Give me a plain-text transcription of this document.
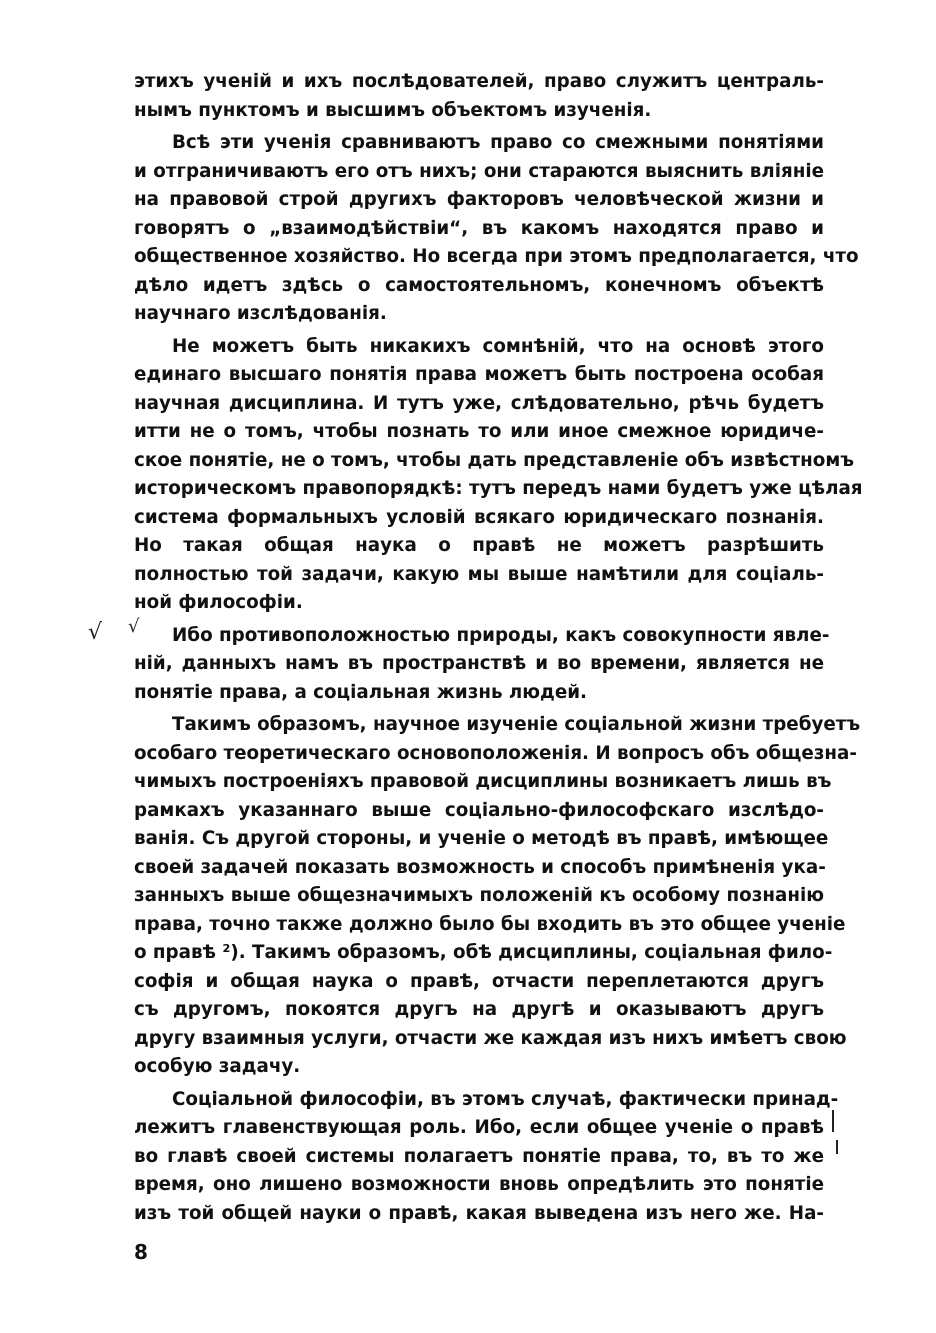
√ √
этихъ ученій и ихъ послѣдователей, право служитъ централь-
нымъ пунктомъ и высшимъ объектомъ изученія.
Всѣ эти ученія сравниваютъ право со смежными понятіями
и отграничиваютъ его отъ нихъ; они стараются выяснить вліяніе
на правовой строй другихъ факторовъ человѣческой жизни и
говорятъ о „взаимодѣйствіи“, въ какомъ находятся право и
общественное хозяйство. Но всегда при этомъ предполагается, что
дѣло идетъ здѣсь о самостоятельномъ, конечномъ объектѣ
научнаго изслѣдованія.
Не можетъ быть никакихъ сомнѣній, что на основѣ этого
единаго высшаго понятія права можетъ быть построена особая
научная дисциплина. И тутъ уже, слѣдовательно, рѣчь будетъ
итти не о томъ, чтобы познать то или иное смежное юридиче-
ское понятіе, не о томъ, чтобы дать представленіе объ извѣстномъ
историческомъ правопорядкѣ: тутъ передъ нами будетъ уже цѣлая
система формальныхъ условій всякаго юридическаго познанія.
Но такая общая наука о правѣ не можетъ разрѣшить
полностью той задачи, какую мы выше намѣтили для соціаль-
ной философіи.
Ибо противоположностью природы, какъ совокупности явле-
ній, данныхъ намъ въ пространствѣ и во времени, является не
понятіе права, а соціальная жизнь людей.
Такимъ образомъ, научное изученіе соціальной жизни требуетъ
особаго теоретическаго основоположенія. И вопросъ объ общезна-
чимыхъ построеніяхъ правовой дисциплины возникаетъ лишь въ
рамкахъ указаннаго выше соціально-философскаго изслѣдо-
ванія. Съ другой стороны, и ученіе о методѣ въ правѣ, имѣющее
своей задачей показать возможность и способъ примѣненія ука-
занныхъ выше общезначимыхъ положеній къ особому познанію
права, точно также должно было бы входить въ это общее ученіе
о правѣ ²). Такимъ образомъ, обѣ дисциплины, соціальная фило-
софія и общая наука о правѣ, отчасти переплетаются другъ
съ другомъ, покоятся другъ на другѣ и оказываютъ другъ
другу взаимныя услуги, отчасти же каждая изъ нихъ имѣетъ свою
особую задачу.
Соціальной философіи, въ этомъ случаѣ, фактически принад-
лежитъ главенствующая роль. Ибо, если общее ученіе о правѣ
во главѣ своей системы полагаетъ понятіе права, то, въ то же
время, оно лишено возможности вновь опредѣлить это понятіе
изъ той общей науки о правѣ, какая выведена изъ него же. На-
8
